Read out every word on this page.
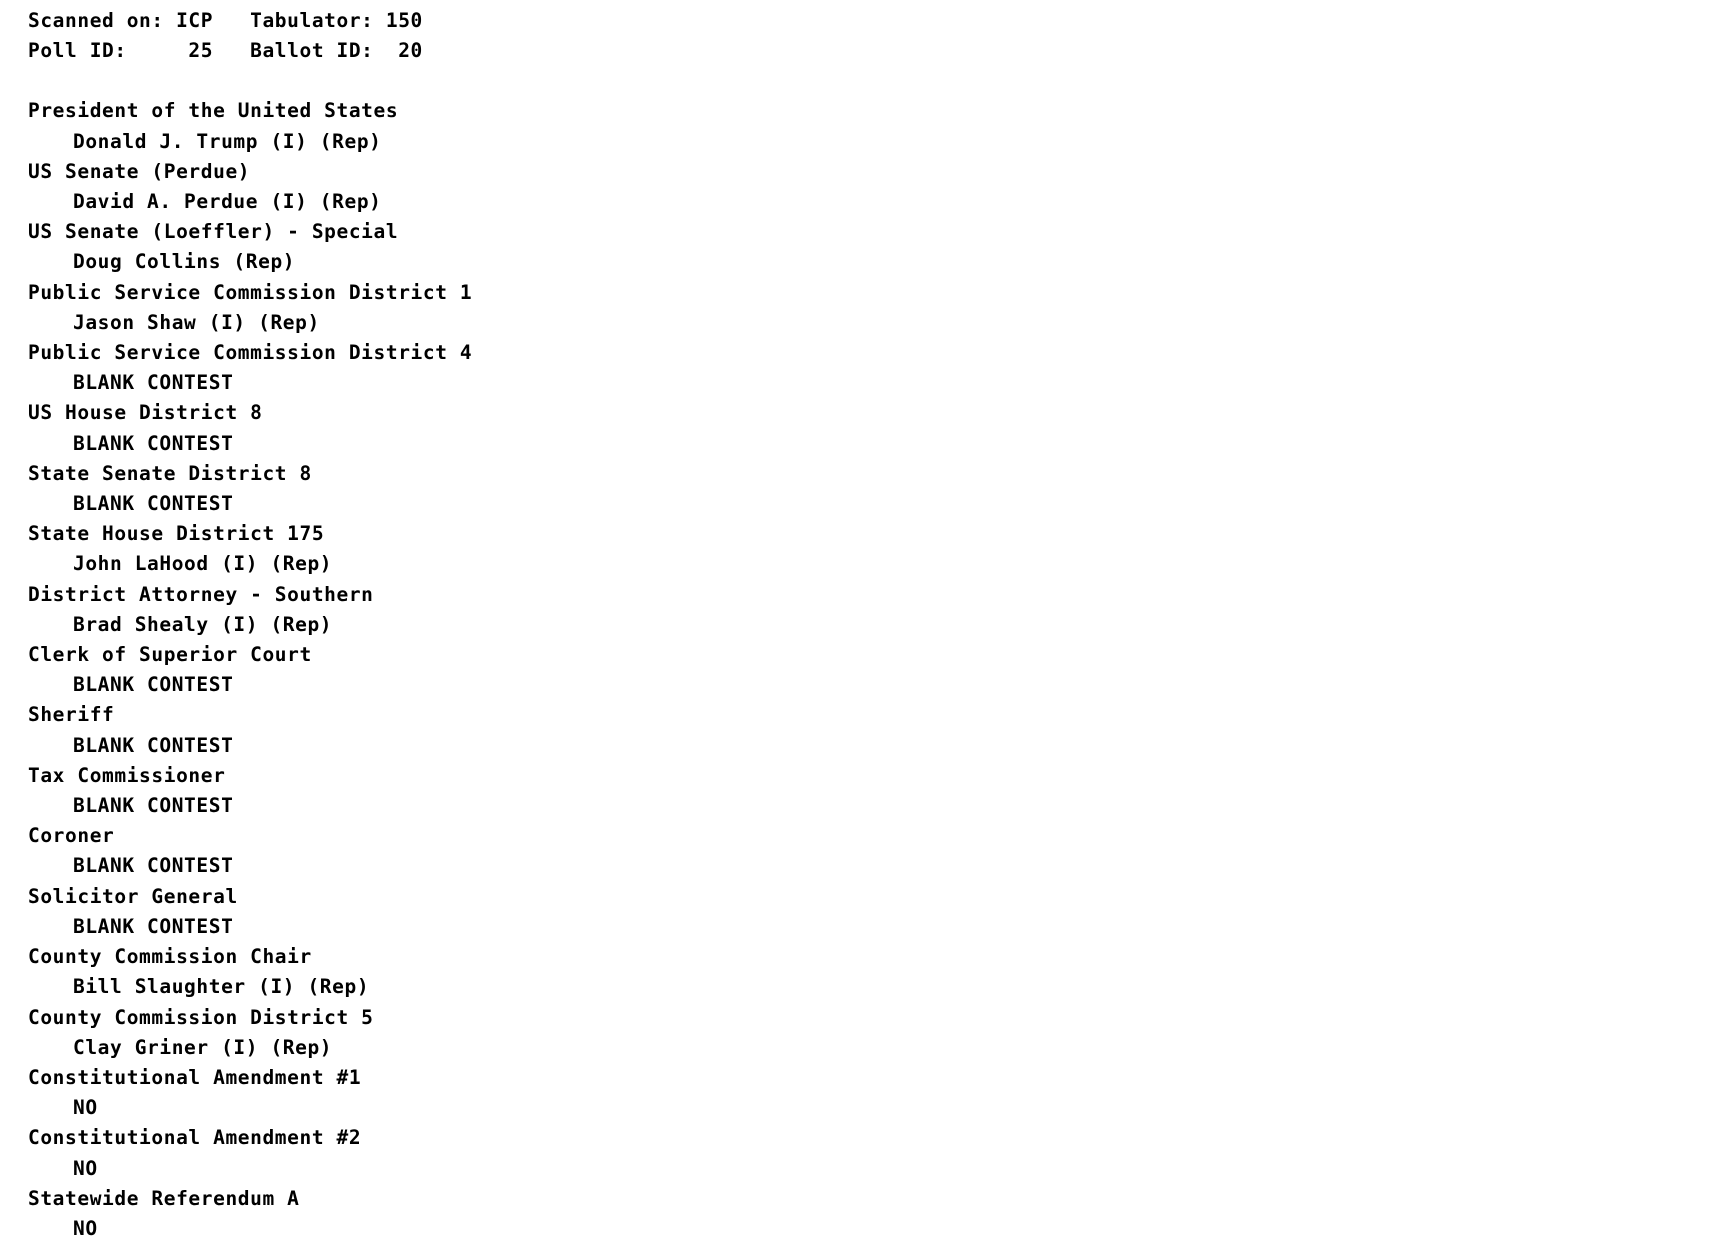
Scanned on: ICP   Tabulator: 150
Poll ID:     25   Ballot ID:  20
President of the United States
Donald J. Trump (I) (Rep)
US Senate (Perdue)
David A. Perdue (I) (Rep)
US Senate (Loeffler) - Special
Doug Collins (Rep)
Public Service Commission District 1
Jason Shaw (I) (Rep)
Public Service Commission District 4
BLANK CONTEST
US House District 8
BLANK CONTEST
State Senate District 8
BLANK CONTEST
State House District 175
John LaHood (I) (Rep)
District Attorney - Southern
Brad Shealy (I) (Rep)
Clerk of Superior Court
BLANK CONTEST
Sheriff
BLANK CONTEST
Tax Commissioner
BLANK CONTEST
Coroner
BLANK CONTEST
Solicitor General
BLANK CONTEST
County Commission Chair
Bill Slaughter (I) (Rep)
County Commission District 5
Clay Griner (I) (Rep)
Constitutional Amendment #1
NO
Constitutional Amendment #2
NO
Statewide Referendum A
NO
